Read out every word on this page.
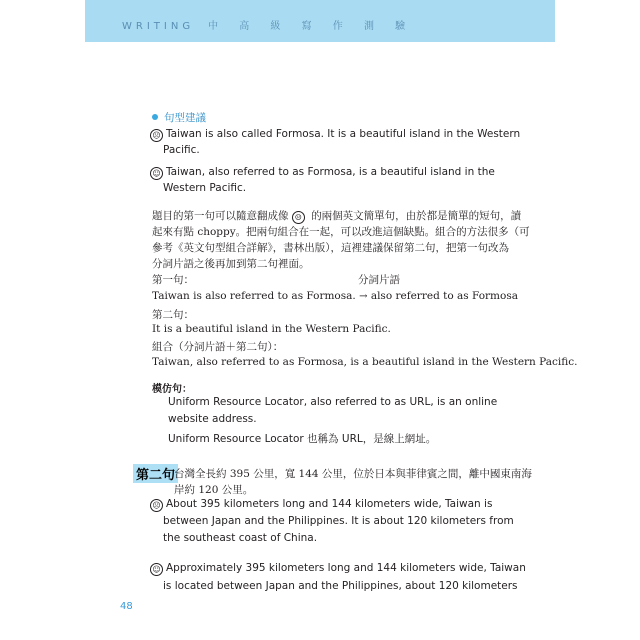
WRITING 中 高 級 寫 作 測 驗
句型建議
☹ Taiwan is also called Formosa. It is a beautiful island in the Western
Pacific.
☺ Taiwan, also referred to as Formosa, is a beautiful island in the
Western Pacific.
題目的第一句可以隨意翻成像 ☹ 的兩個英文簡單句，由於都是簡單的短句，讀
起來有點 choppy。把兩句組合在一起，可以改進這個缺點。組合的方法很多（可
參考《英文句型組合詳解》，書林出版），這裡建議保留第二句，把第一句改為
分詞片語之後再加到第二句裡面。
第一句：	分詞片語
Taiwan is also referred to as Formosa. → also referred to as Formosa
第二句：
It is a beautiful island in the Western Pacific.
組合（分詞片語＋第二句）：
Taiwan, also referred to as Formosa, is a beautiful island in the Western Pacific.
模仿句：
Uniform Resource Locator, also referred to as URL, is an online
website address.
Uniform Resource Locator 也稱為 URL，是線上網址。
第二句
台灣全長約 395 公里，寬 144 公里，位於日本與菲律賓之間，離中國東南海
岸約 120 公里。
☹ About 395 kilometers long and 144 kilometers wide, Taiwan is
between Japan and the Philippines. It is about 120 kilometers from
the southeast coast of China.
☺ Approximately 395 kilometers long and 144 kilometers wide, Taiwan
is located between Japan and the Philippines, about 120 kilometers
48
